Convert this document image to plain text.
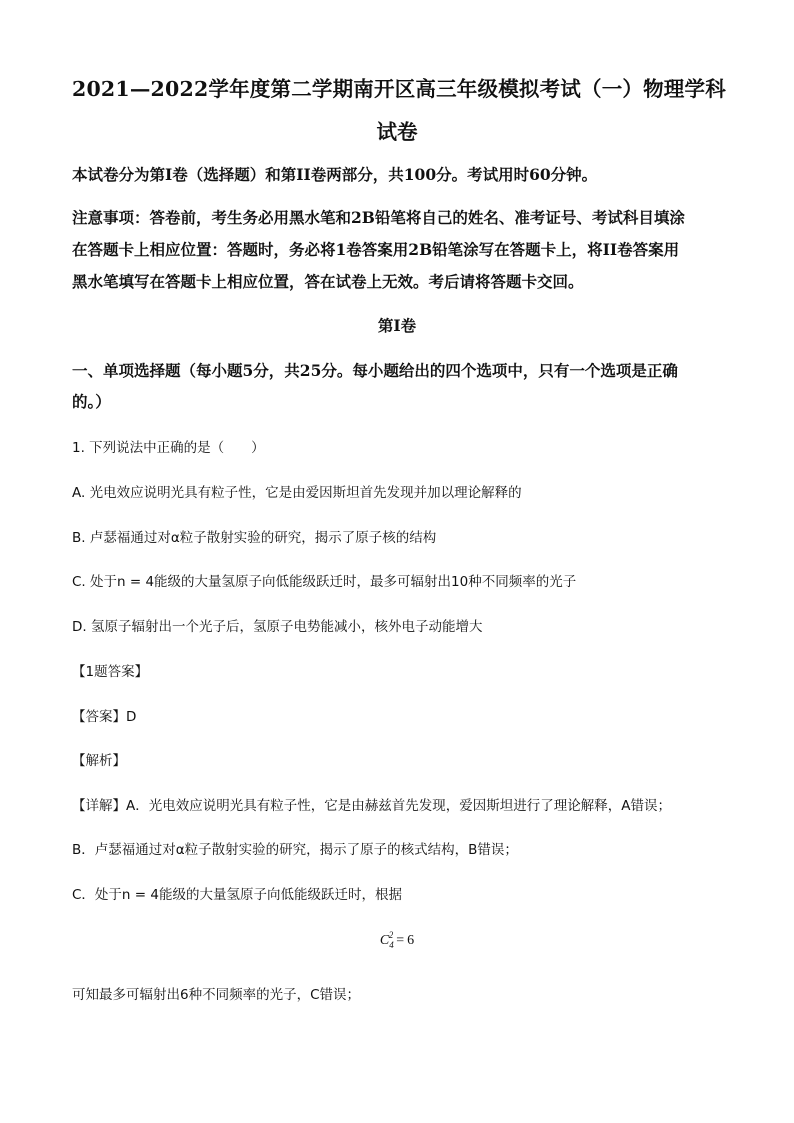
2021—2022学年度第二学期南开区高三年级模拟考试（一）物理学科
试卷
本试卷分为第Ⅰ卷（选择题）和第II卷两部分，共100分。考试用时60分钟。
注意事项：答卷前，考生务必用黑水笔和2B铅笔将自己的姓名、准考证号、考试科目填涂
在答题卡上相应位置：答题时，务必将1卷答案用2B铅笔涂写在答题卡上，将II卷答案用
黑水笔填写在答题卡上相应位置，答在试卷上无效。考后请将答题卡交回。
第Ⅰ卷
一、单项选择题（每小题5分，共25分。每小题给出的四个选项中，只有一个选项是正确
的。）
1. 下列说法中正确的是（　　）
A. 光电效应说明光具有粒子性，它是由爱因斯坦首先发现并加以理论解释的
B. 卢瑟福通过对α粒子散射实验的研究，揭示了原子核的结构
C. 处于n = 4能级的大量氢原子向低能级跃迁时，最多可辐射出10种不同频率的光子
D. 氢原子辐射出一个光子后，氢原子电势能减小，核外电子动能增大
【1题答案】
【答案】D
【解析】
【详解】A．光电效应说明光具有粒子性，它是由赫兹首先发现，爱因斯坦进行了理论解释，A错误；
B．卢瑟福通过对α粒子散射实验的研究，揭示了原子的核式结构，B错误；
C．处于n = 4能级的大量氢原子向低能级跃迁时，根据
$C_4^2 = 6$
可知最多可辐射出6种不同频率的光子，C错误；
